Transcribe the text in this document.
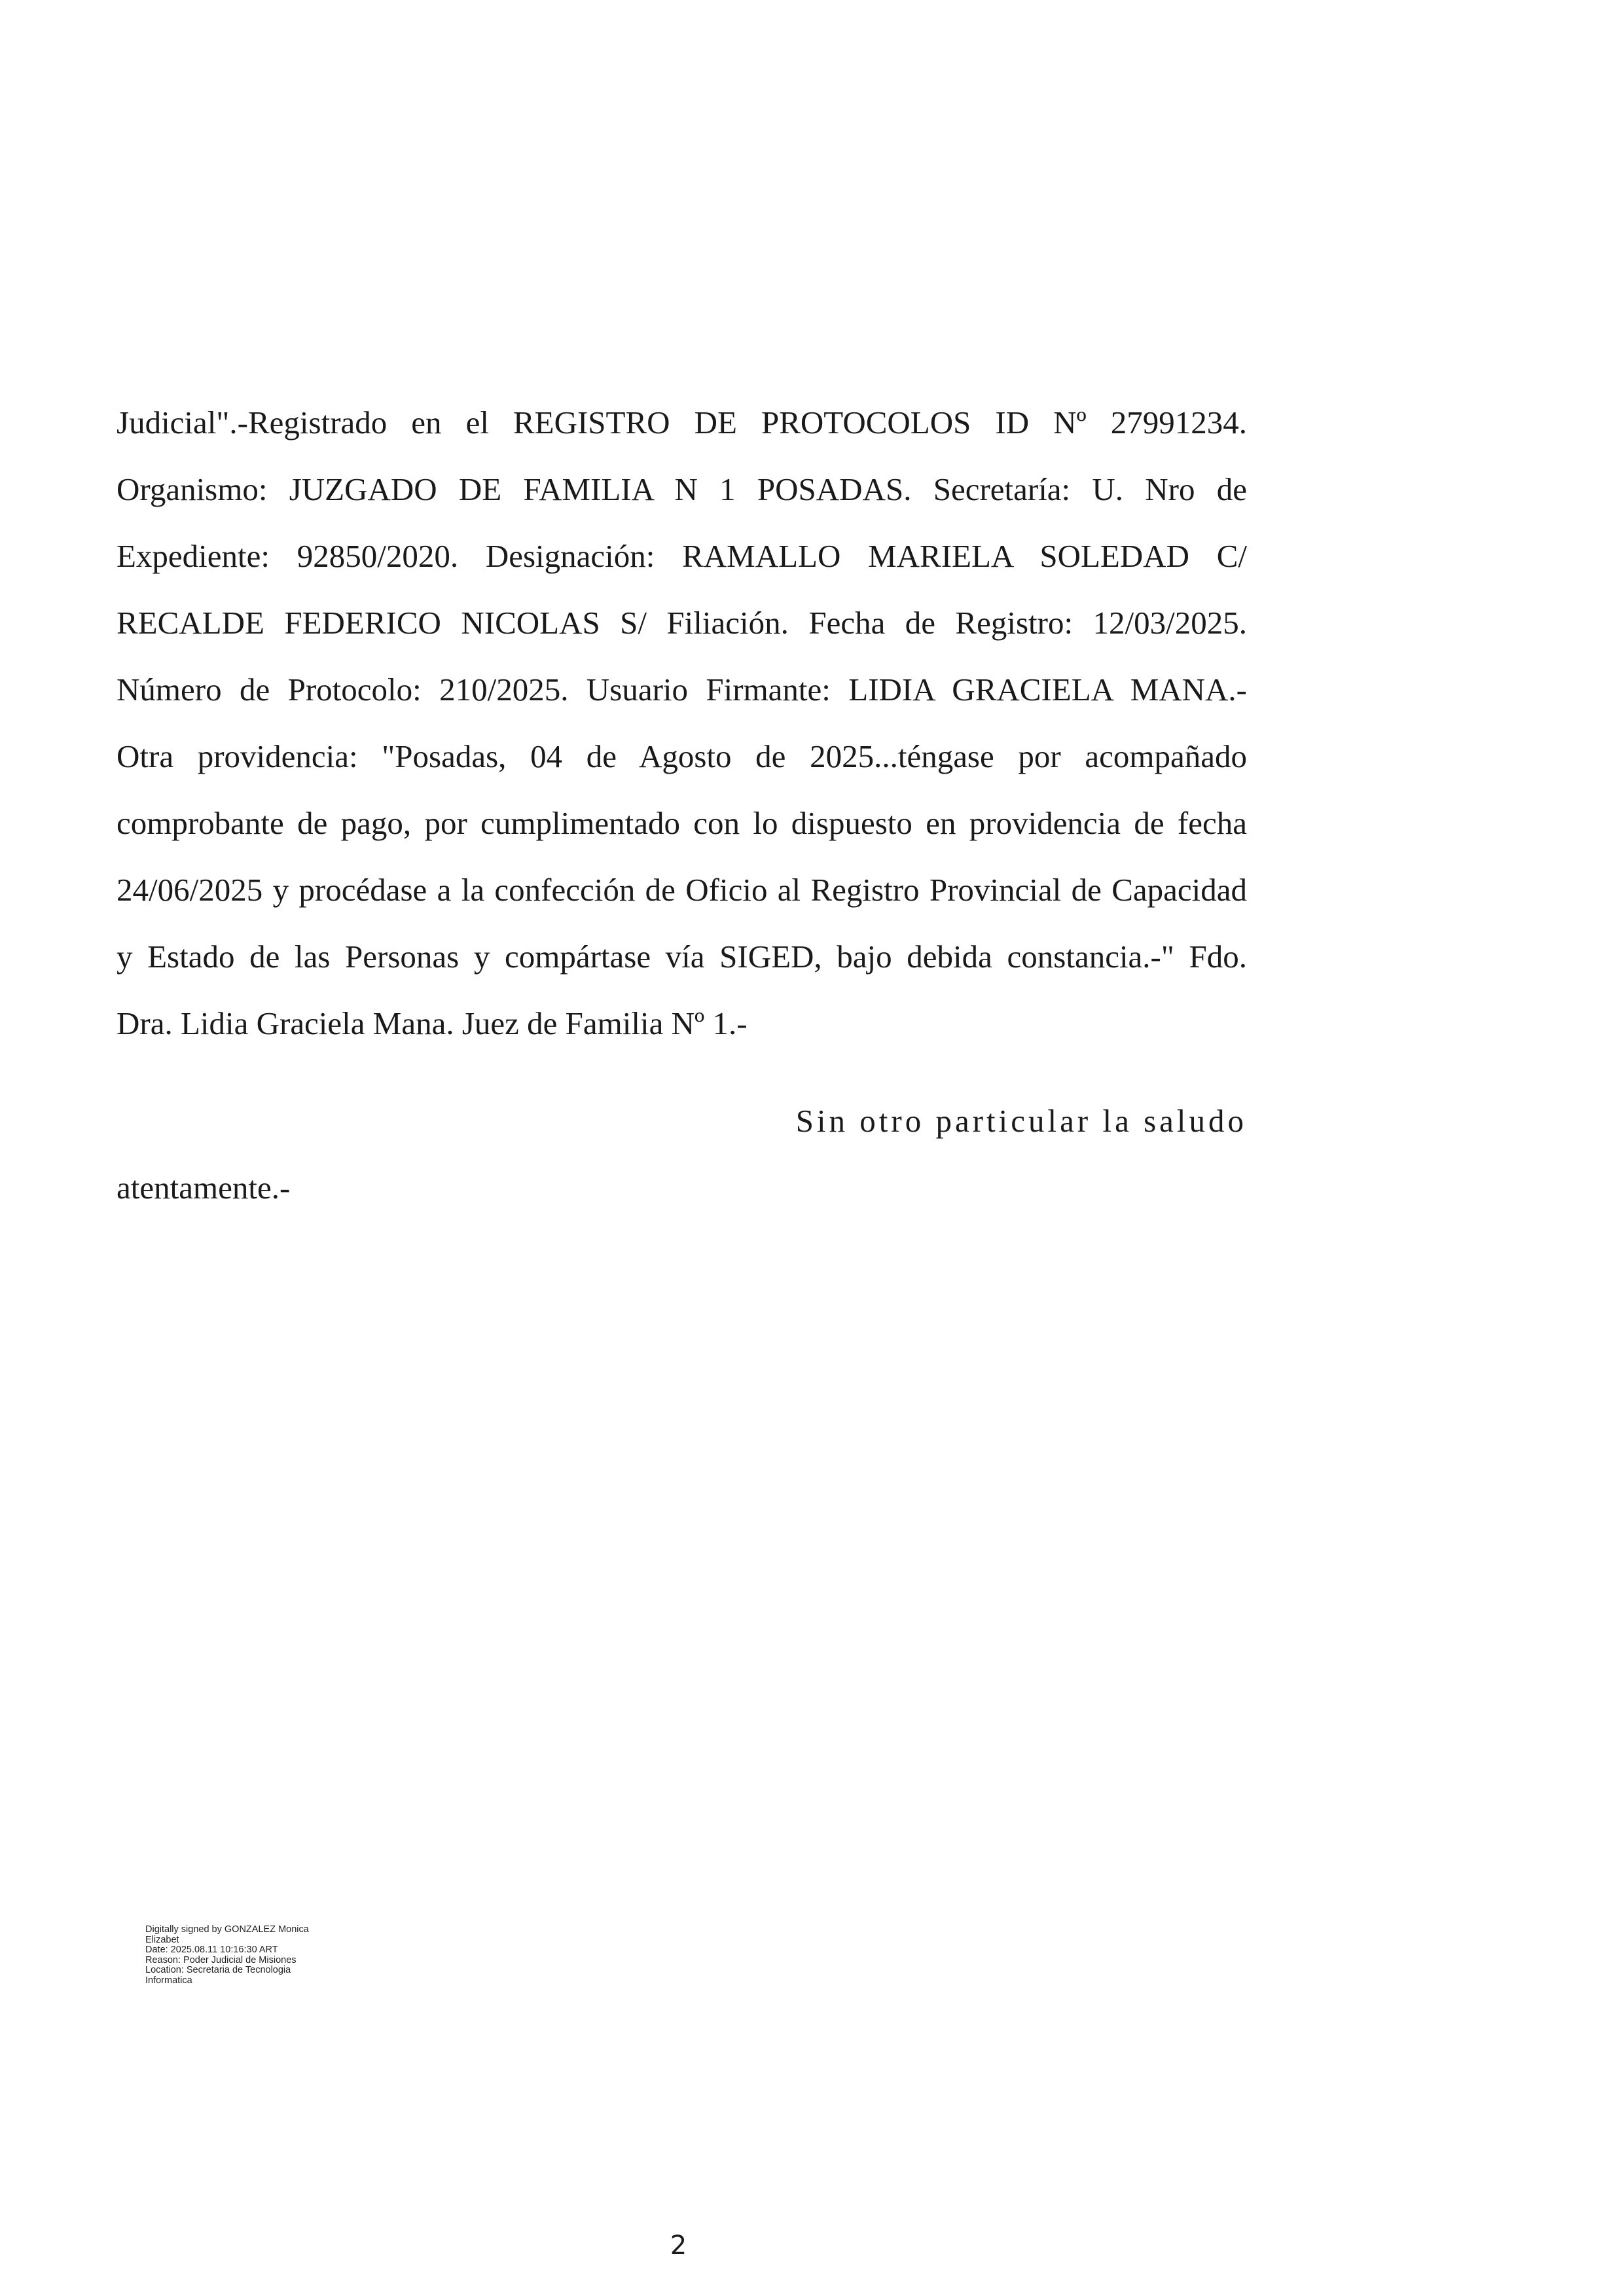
Judicial".-Registrado en el REGISTRO DE PROTOCOLOS ID Nº 27991234.
Organismo: JUZGADO DE FAMILIA N 1 POSADAS. Secretaría: U. Nro de
Expediente: 92850/2020. Designación: RAMALLO MARIELA SOLEDAD C/
RECALDE FEDERICO NICOLAS S/ Filiación. Fecha de Registro: 12/03/2025.
Número de Protocolo: 210/2025. Usuario Firmante: LIDIA GRACIELA MANA.-
Otra providencia: "Posadas, 04 de Agosto de 2025...téngase por acompañado
comprobante de pago, por cumplimentado con lo dispuesto en providencia de fecha
24/06/2025 y procédase a la confección de Oficio al Registro Provincial de Capacidad
y Estado de las Personas y compártase vía SIGED, bajo debida constancia.-" Fdo.
Dra. Lidia Graciela Mana. Juez de Familia Nº 1.-
Sin otro particular la saludo
atentamente.-
Digitally signed by GONZALEZ Monica
Elizabet
Date: 2025.08.11 10:16:30 ART
Reason: Poder Judicial de Misiones
Location: Secretaria de Tecnologia
Informatica
2
